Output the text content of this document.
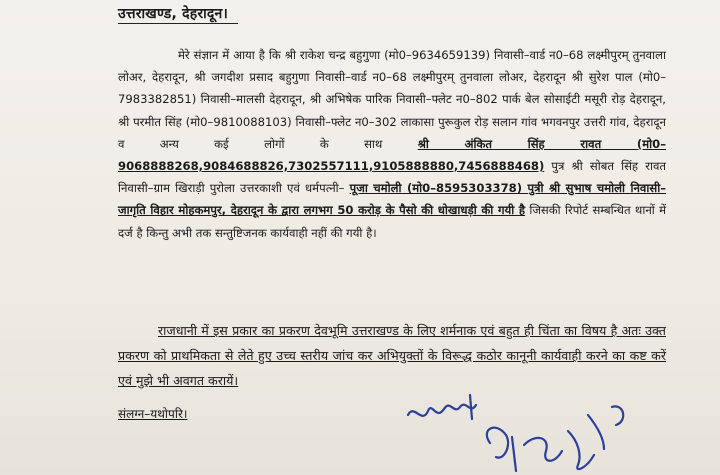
उत्तराखण्ड, देहरादून।
मेरे संज्ञान में आया है कि श्री राकेश चन्द्र बहुगुणा (मो0–9634659139) निवासी–वार्ड न0–68 लक्ष्मीपुरम् तुनवाला लोअर, देहरादून, श्री जगदीश प्रसाद बहुगुणा निवासी–वार्ड न0–68 लक्ष्मीपुरम् तुनवाला लोअर, देहरादून श्री सुरेश पाल (मो0–7983382851) निवासी–मालसी देहरादून, श्री अभिषेक पारिक निवासी–फ्लेट न0–802 पार्क बेल सोसाईटी मसूरी रोड़ देहरादून, श्री परमीत सिंह (मो0–9810088103) निवासी–फ्लेट न0–302 लाकासा पुरूकुल रोड़ सलान गांव भगवनपुर उत्तरी गांव, देहरादून व अन्य कई लोगों के साथ	श्री अंकित सिंह रावत (मो0–9068888268,9084688826,7302557111,9105888880,7456888468) पुत्र श्री सोबत सिंह रावत निवासी–ग्राम खिराड़ी पुरोला उत्तरकाशी एवं धर्मपत्नी– पूजा चमोली (मो0–8595303378) पुत्री श्री सुभाष चमोली निवासी– जागृति विहार मोहकमपुर, देहरादून के द्वारा लगभग 50 करोड़ के पैसो की धोखाधड़ी की गयी है जिसकी रिपोर्ट सम्बन्धित थानों में दर्ज है किन्तु अभी तक सन्तुष्टिजनक कार्यवाही नहीं की गयी है।
राजधानी में इस प्रकार का प्रकरण देवभूमि उत्तराखण्ड के लिए शर्मनाक एवं बहुत ही चिंता का विषय है अतः उक्त प्रकरण को प्राथमिकता से लेते हुए उच्च स्तरीय जांच कर अभियुक्तों के विरूद्ध कठोर कानूनी कार्यवाही करने का कष्ट करें एवं मुझे भी अवगत करायें।
संलग्न–यथोपरि।
